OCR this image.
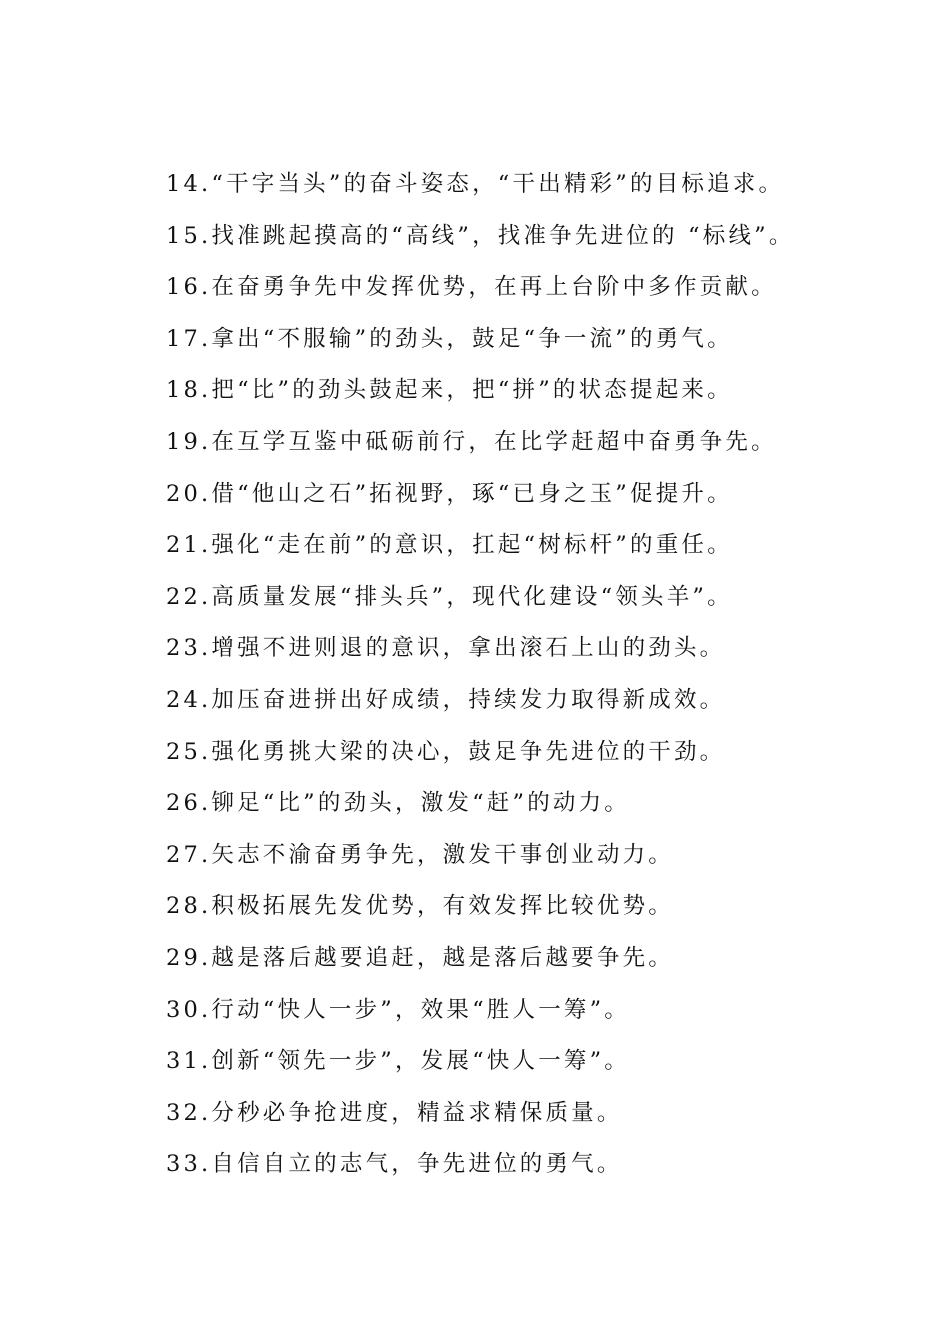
14.“干字当头”的奋斗姿态，“干出精彩”的目标追求。
15.找准跳起摸高的“高线”，找准争先进位的 “标线”。
16.在奋勇争先中发挥优势，在再上台阶中多作贡献。
17.拿出“不服输”的劲头，鼓足“争一流”的勇气。
18.把“比”的劲头鼓起来，把“拼”的状态提起来。
19.在互学互鉴中砥砺前行，在比学赶超中奋勇争先。
20.借“他山之石”拓视野，琢“已身之玉”促提升。
21.强化“走在前”的意识，扛起“树标杆”的重任。
22.高质量发展“排头兵”，现代化建设“领头羊”。
23.增强不进则退的意识，拿出滚石上山的劲头。
24.加压奋进拼出好成绩，持续发力取得新成效。
25.强化勇挑大梁的决心，鼓足争先进位的干劲。
26.铆足“比”的劲头，激发“赶”的动力。
27.矢志不渝奋勇争先，激发干事创业动力。
28.积极拓展先发优势，有效发挥比较优势。
29.越是落后越要追赶，越是落后越要争先。
30.行动“快人一步”，效果“胜人一筹”。
31.创新“领先一步”，发展“快人一筹”。
32.分秒必争抢进度，精益求精保质量。
33.自信自立的志气，争先进位的勇气。
